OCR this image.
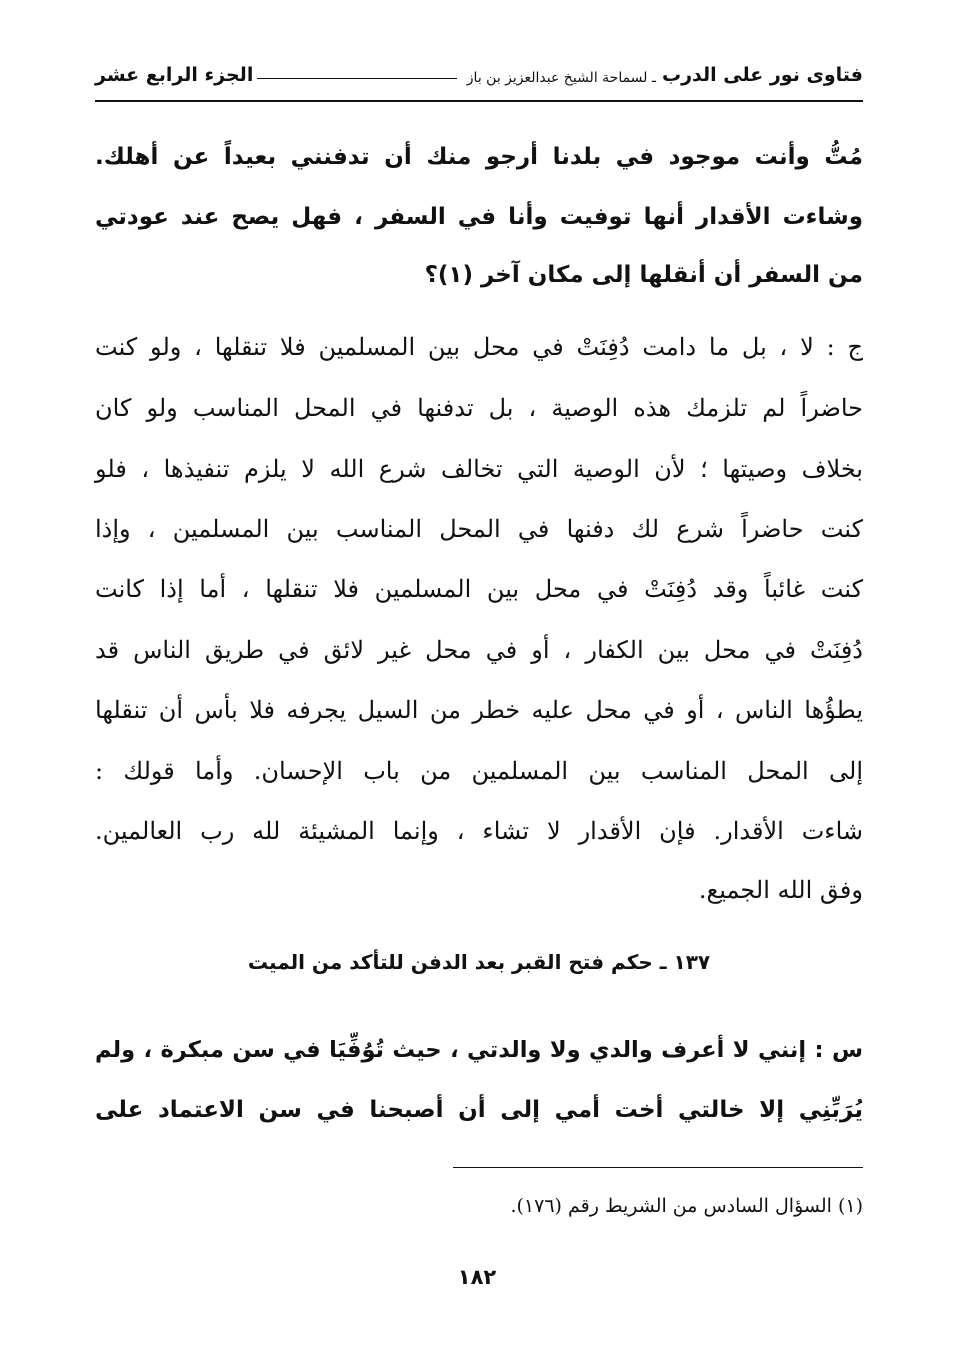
فتاوى نور على الدرب
ـ لسماحة الشيخ عبدالعزيز بن باز
الجزء الرابع عشر
مُتُّ وأنت موجود في بلدنا أرجو منك أن تدفنني بعيداً عن أهلك.
وشاءت الأقدار أنها توفيت وأنا في السفر ، فهل يصح عند عودتي
من السفر أن أنقلها إلى مكان آخر (١)؟
ج : لا ، بل ما دامت دُفِنَتْ في محل بين المسلمين فلا تنقلها ، ولو كنت
حاضراً لم تلزمك هذه الوصية ، بل تدفنها في المحل المناسب ولو كان
بخلاف وصيتها ؛ لأن الوصية التي تخالف شرع الله لا يلزم تنفيذها ، فلو
كنت حاضراً شرع لك دفنها في المحل المناسب بين المسلمين ، وإذا
كنت غائباً وقد دُفِنَتْ في محل بين المسلمين فلا تنقلها ، أما إذا كانت
دُفِنَتْ في محل بين الكفار ، أو في محل غير لائق في طريق الناس قد
يطؤُها الناس ، أو في محل عليه خطر من السيل يجرفه فلا بأس أن تنقلها
إلى المحل المناسب بين المسلمين من باب الإحسان. وأما قولك :
شاءت الأقدار. فإن الأقدار لا تشاء ، وإنما المشيئة لله رب العالمين.
وفق الله الجميع.
١٣٧ ـ حكم فتح القبر بعد الدفن للتأكد من الميت
س : إنني لا أعرف والدي ولا والدتي ، حيث تُوُفِّيَا في سن مبكرة ، ولم
يُرَبِّنِي إلا خالتي أخت أمي إلى أن أصبحنا في سن الاعتماد على
(١) السؤال السادس من الشريط رقم (١٧٦).
١٨٢
